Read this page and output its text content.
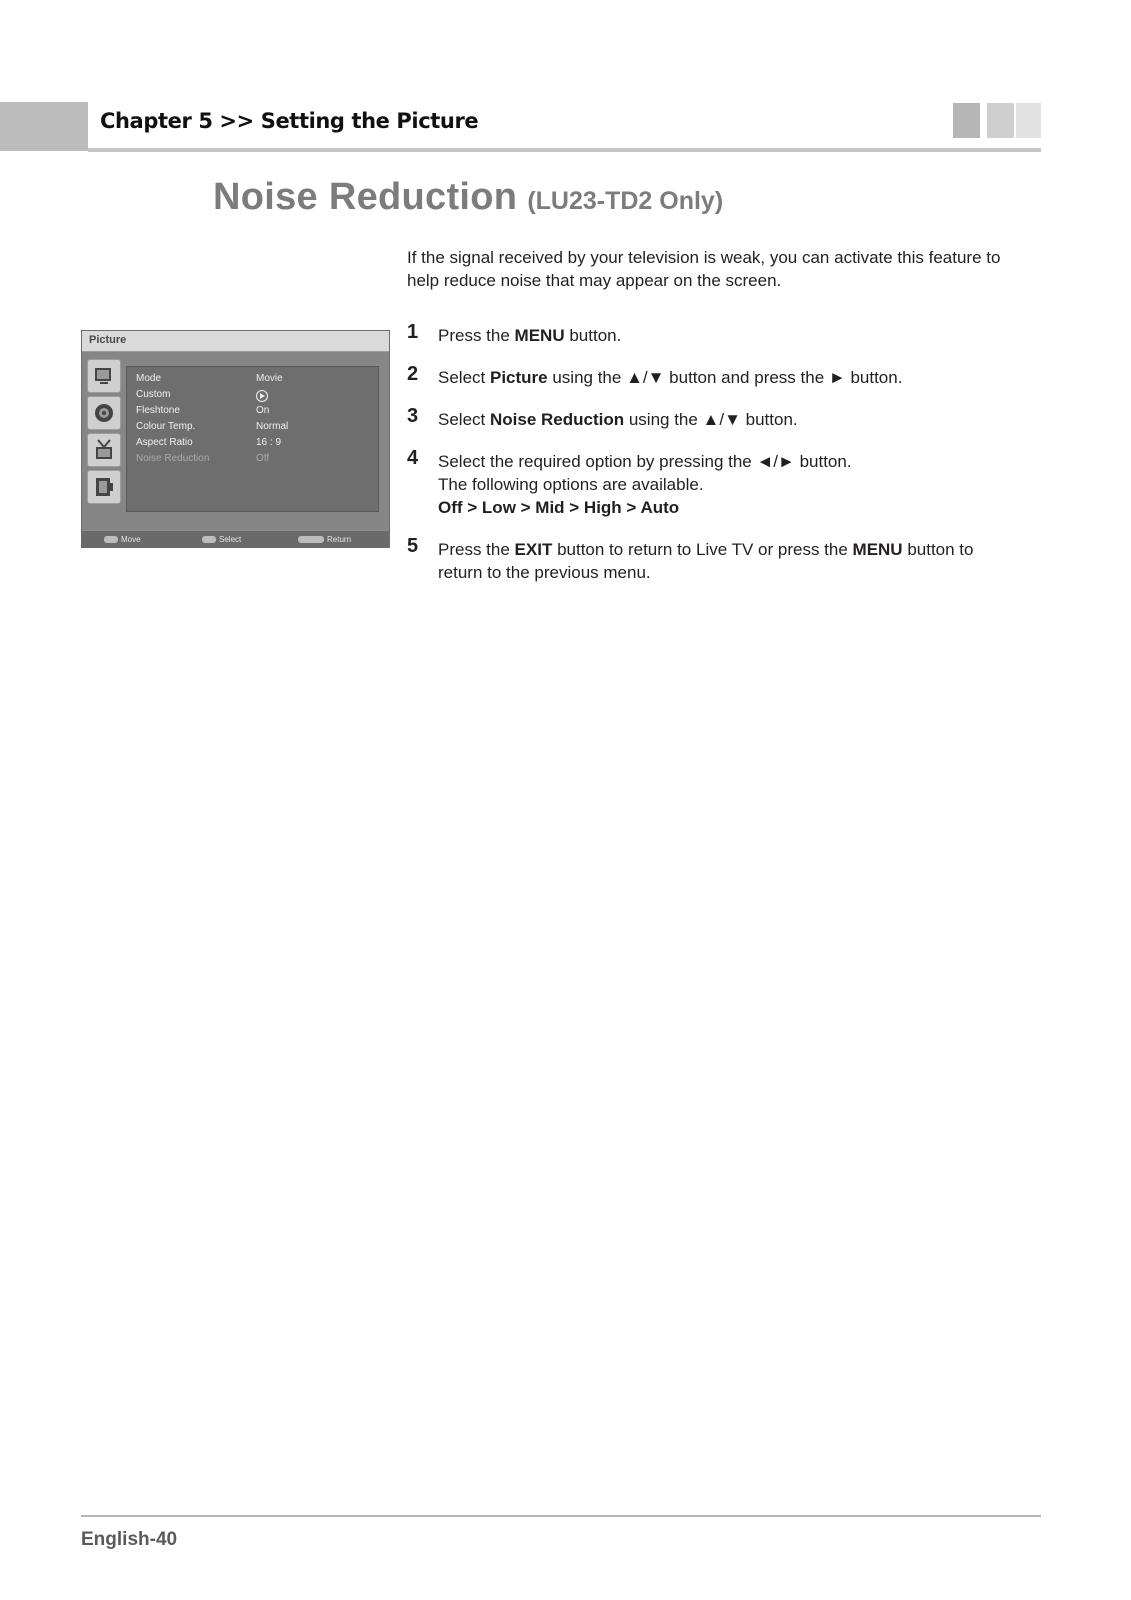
Chapter 5 >> Setting the Picture
Noise Reduction (LU23-TD2 Only)
If the signal received by your television is weak, you can activate this feature to
help reduce noise that may appear on the screen.
1 Press the MENU button.
2 Select Picture using the ▲/▼ button and press the ► button.
3 Select Noise Reduction using the ▲/▼ button.
4 Select the required option by pressing the ◄/► button.
The following options are available.
Off > Low > Mid > High > Auto
5 Press the EXIT button to return to Live TV or press the MENU button to
return to the previous menu.
Picture
Mode	Movie
Custom
Fleshtone	On
Colour Temp.	Normal
Aspect Ratio	16 : 9
Noise Reduction	Off
Move	Select	Return
English-40
